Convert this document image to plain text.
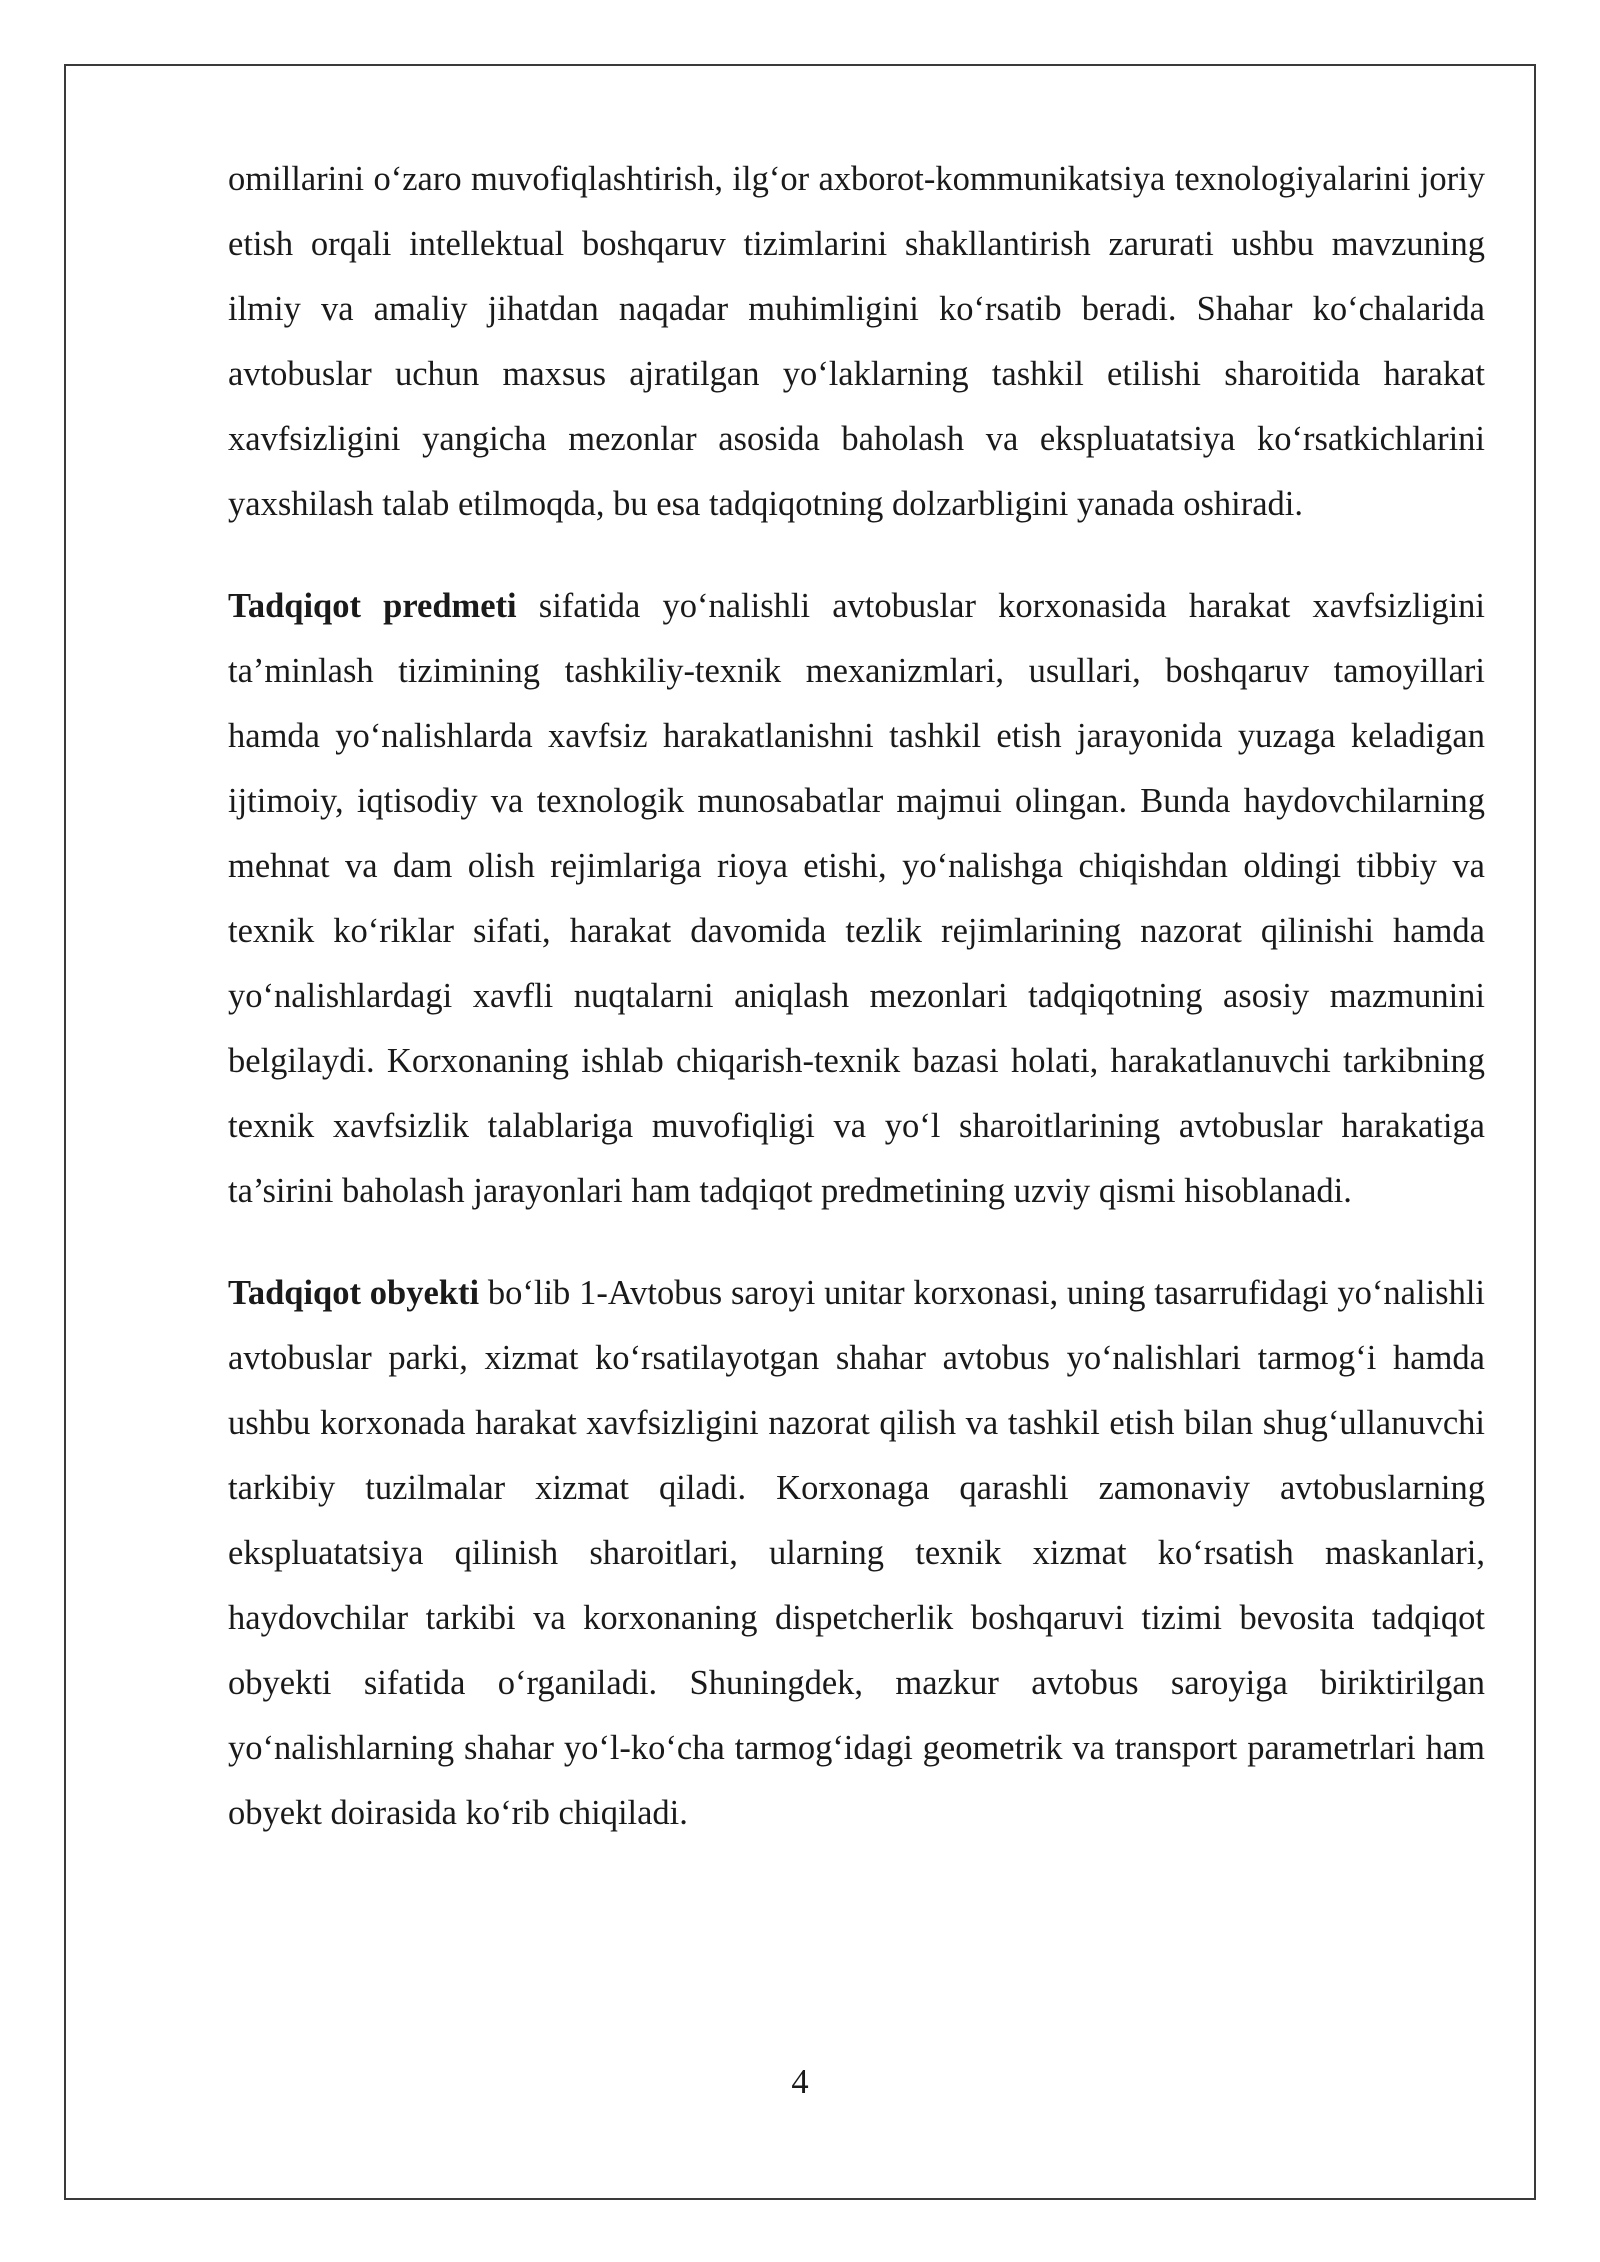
omillarini o‘zaro muvofiqlashtirish, ilg‘or axborot-kommunikatsiya texnologiyalarini joriy etish orqali intellektual boshqaruv tizimlarini shakllantirish zarurati ushbu mavzuning ilmiy va amaliy jihatdan naqadar muhimligini ko‘rsatib beradi. Shahar ko‘chalarida avtobuslar uchun maxsus ajratilgan yo‘laklarning tashkil etilishi sharoitida harakat xavfsizligini yangicha mezonlar asosida baholash va ekspluatatsiya ko‘rsatkichlarini yaxshilash talab etilmoqda, bu esa tadqiqotning dolzarbligini yanada oshiradi.

Tadqiqot predmeti sifatida yo‘nalishli avtobuslar korxonasida harakat xavfsizligini ta’minlash tizimining tashkiliy-texnik mexanizmlari, usullari, boshqaruv tamoyillari hamda yo‘nalishlarda xavfsiz harakatlanishni tashkil etish jarayonida yuzaga keladigan ijtimoiy, iqtisodiy va texnologik munosabatlar majmui olingan. Bunda haydovchilarning mehnat va dam olish rejimlariga rioya etishi, yo‘nalishga chiqishdan oldingi tibbiy va texnik ko‘riklar sifati, harakat davomida tezlik rejimlarining nazorat qilinishi hamda yo‘nalishlardagi xavfli nuqtalarni aniqlash mezonlari tadqiqotning asosiy mazmunini belgilaydi. Korxonaning ishlab chiqarish-texnik bazasi holati, harakatlanuvchi tarkibning texnik xavfsizlik talablariga muvofiqligi va yo‘l sharoitlarining avtobuslar harakatiga ta’sirini baholash jarayonlari ham tadqiqot predmetining uzviy qismi hisoblanadi.

Tadqiqot obyekti bo‘lib 1-Avtobus saroyi unitar korxonasi, uning tasarrufidagi yo‘nalishli avtobuslar parki, xizmat ko‘rsatilayotgan shahar avtobus yo‘nalishlari tarmog‘i hamda ushbu korxonada harakat xavfsizligini nazorat qilish va tashkil etish bilan shug‘ullanuvchi tarkibiy tuzilmalar xizmat qiladi. Korxonaga qarashli zamonaviy avtobuslarning ekspluatatsiya qilinish sharoitlari, ularning texnik xizmat ko‘rsatish maskanlari, haydovchilar tarkibi va korxonaning dispetcherlik boshqaruvi tizimi bevosita tadqiqot obyekti sifatida o‘rganiladi. Shuningdek, mazkur avtobus saroyiga biriktirilgan yo‘nalishlarning shahar yo‘l-ko‘cha tarmog‘idagi geometrik va transport parametrlari ham obyekt doirasida ko‘rib chiqiladi.

4
